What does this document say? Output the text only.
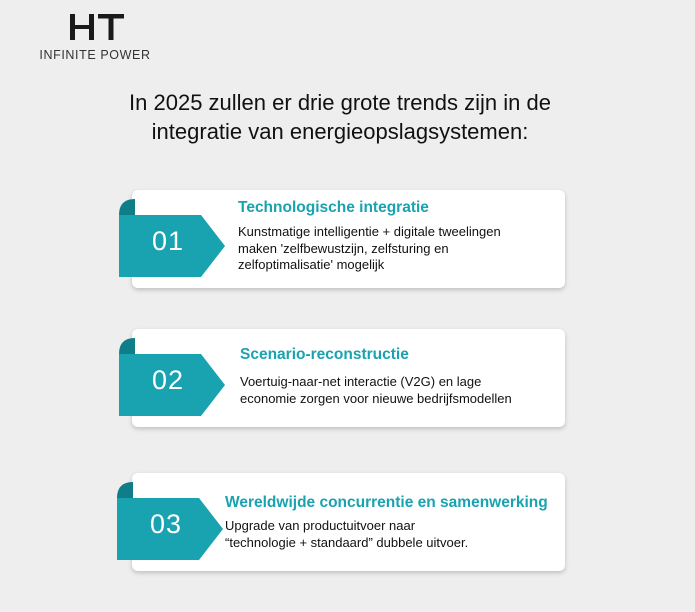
INFINITE POWER
In 2025 zullen er drie grote trends zijn in de
integratie van energieopslagsystemen:
01
Technologische integratie
Kunstmatige intelligentie + digitale tweelingen
maken 'zelfbewustzijn, zelfsturing en
zelfoptimalisatie' mogelijk
02
Scenario-reconstructie
Voertuig-naar-net interactie (V2G) en lage
economie zorgen voor nieuwe bedrijfsmodellen
03
Wereldwijde concurrentie en samenwerking
Upgrade van productuitvoer naar
“technologie + standaard” dubbele uitvoer.
